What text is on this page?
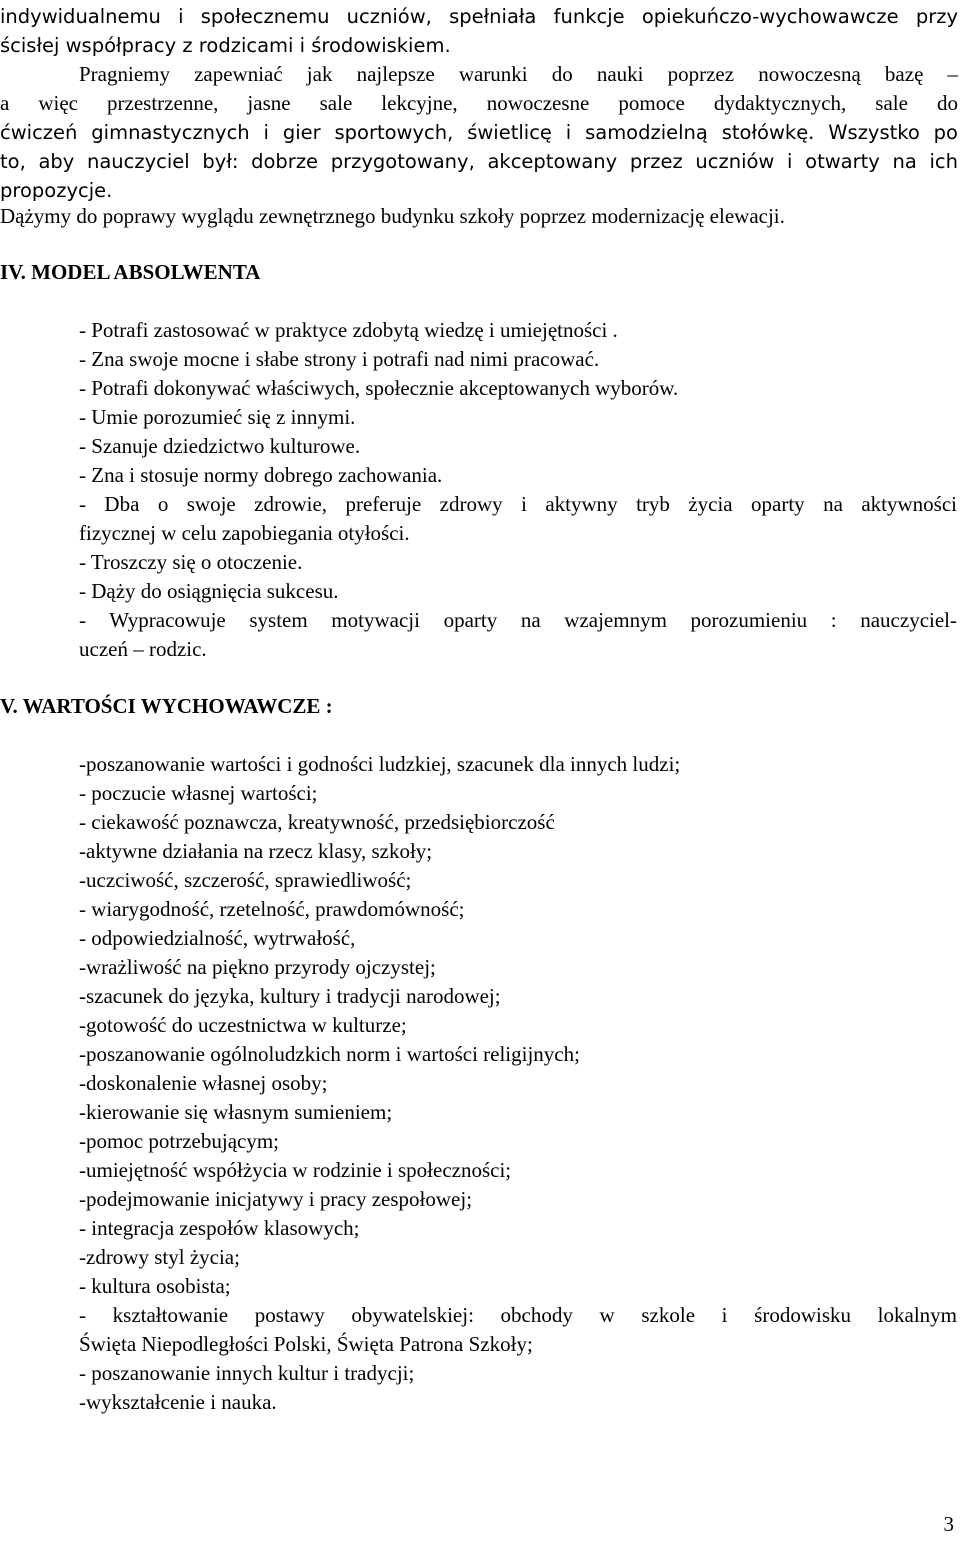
indywidualnemu i społecznemu uczniów, spełniała funkcje opiekuńczo-wychowawcze przy
ścisłej współpracy z rodzicami i środowiskiem.
Pragniemy zapewniać jak najlepsze warunki do nauki poprzez nowoczesną bazę –
a więc przestrzenne, jasne sale lekcyjne, nowoczesne pomoce dydaktycznych, sale do
ćwiczeń gimnastycznych i gier sportowych, świetlicę i samodzielną stołówkę. Wszystko po
to, aby nauczyciel był: dobrze przygotowany, akceptowany przez uczniów i otwarty na ich
propozycje.
Dążymy do poprawy wyglądu zewnętrznego budynku szkoły poprzez modernizację elewacji.
IV. MODEL ABSOLWENTA
- Potrafi zastosować w praktyce zdobytą wiedzę i umiejętności .
- Zna swoje mocne i słabe strony i potrafi nad nimi pracować.
- Potrafi dokonywać właściwych, społecznie akceptowanych wyborów.
- Umie porozumieć się z innymi.
- Szanuje dziedzictwo kulturowe.
- Zna i stosuje normy dobrego zachowania.
- Dba o swoje zdrowie, preferuje zdrowy i aktywny tryb życia oparty na aktywności
fizycznej w celu zapobiegania otyłości.
- Troszczy się o otoczenie.
- Dąży do osiągnięcia sukcesu.
- Wypracowuje system motywacji oparty na wzajemnym porozumieniu : nauczyciel-
uczeń – rodzic.
V. WARTOŚCI WYCHOWAWCZE :
-poszanowanie wartości i godności ludzkiej, szacunek dla innych ludzi;
- poczucie własnej wartości;
- ciekawość poznawcza, kreatywność, przedsiębiorczość
-aktywne działania na rzecz klasy, szkoły;
-uczciwość, szczerość, sprawiedliwość;
- wiarygodność, rzetelność, prawdomówność;
- odpowiedzialność, wytrwałość,
-wrażliwość na piękno przyrody ojczystej;
-szacunek do języka, kultury i tradycji narodowej;
-gotowość do uczestnictwa w kulturze;
-poszanowanie ogólnoludzkich norm i wartości religijnych;
-doskonalenie własnej osoby;
-kierowanie się własnym sumieniem;
-pomoc potrzebującym;
-umiejętność współżycia w rodzinie i społeczności;
-podejmowanie inicjatywy i pracy zespołowej;
- integracja zespołów klasowych;
-zdrowy styl życia;
- kultura osobista;
- kształtowanie postawy obywatelskiej: obchody w szkole i środowisku lokalnym
Święta Niepodległości Polski, Święta Patrona Szkoły;
- poszanowanie innych kultur i tradycji;
-wykształcenie i nauka.
3
